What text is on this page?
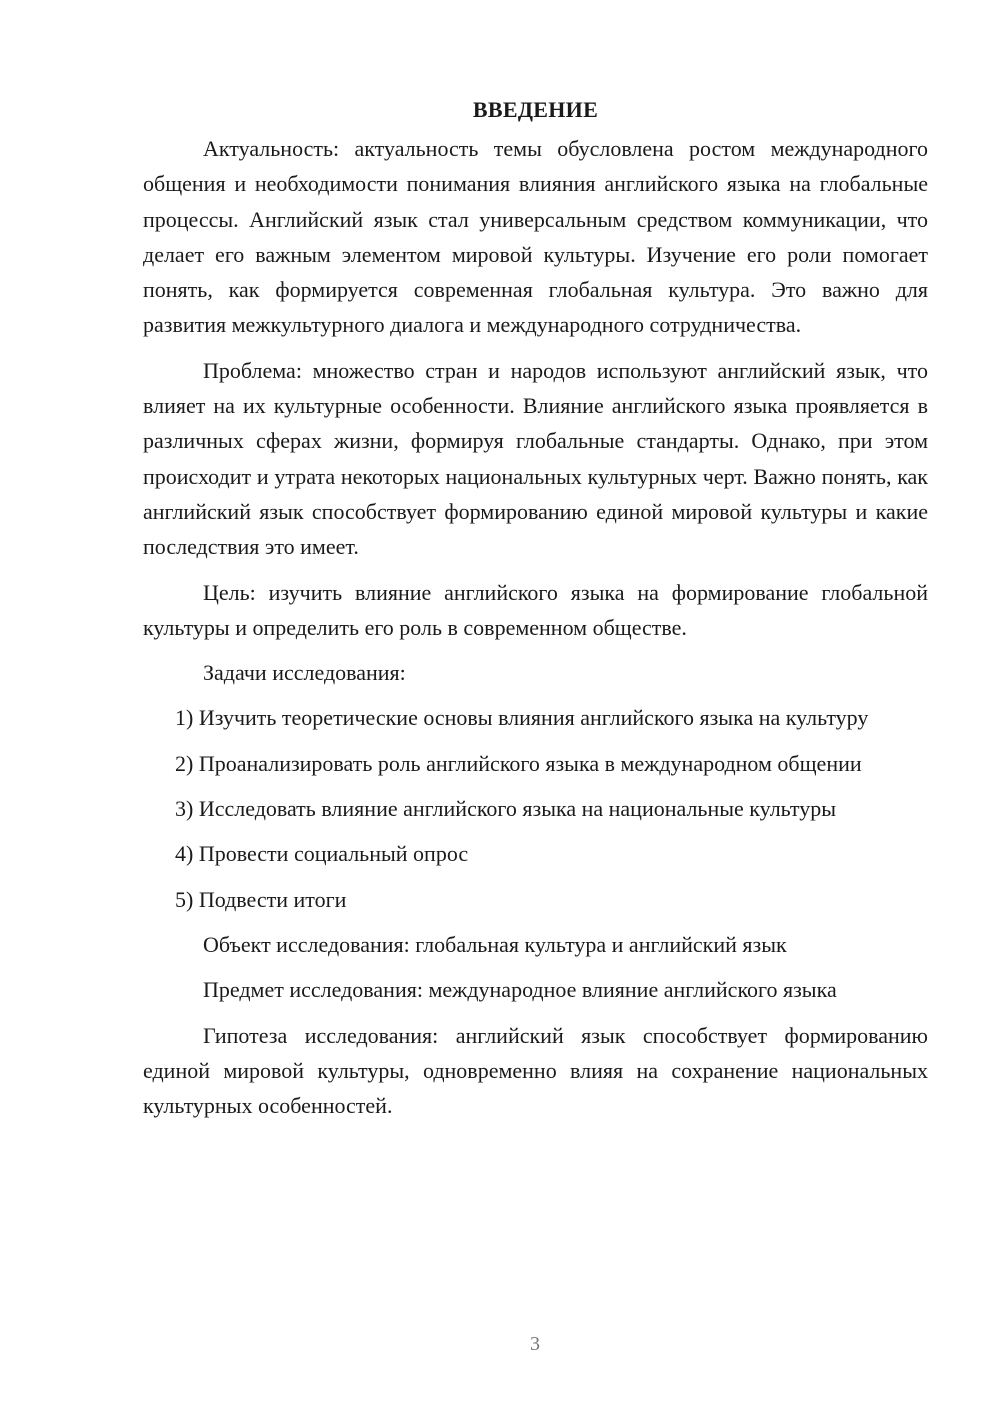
ВВЕДЕНИЕ

Актуальность: актуальность темы обусловлена ростом международного общения и необходимости понимания влияния английского языка на глобальные процессы. Английский язык стал универсальным средством коммуникации, что делает его важным элементом мировой культуры. Изучение его роли помогает понять, как формируется современная глобальная культура. Это важно для развития межкультурного диалога и международного сотрудничества.

Проблема: множество стран и народов используют английский язык, что влияет на их культурные особенности. Влияние английского языка проявляется в различных сферах жизни, формируя глобальные стандарты. Однако, при этом происходит и утрата некоторых национальных культурных черт. Важно понять, как английский язык способствует формированию единой мировой культуры и какие последствия это имеет.

Цель: изучить влияние английского языка на формирование глобальной культуры и определить его роль в современном обществе.

Задачи исследования:

1) Изучить теоретические основы влияния английского языка на культуру

2) Проанализировать роль английского языка в международном общении

3) Исследовать влияние английского языка на национальные культуры

4) Провести социальный опрос

5) Подвести итоги

Объект исследования: глобальная культура и английский язык

Предмет исследования: международное влияние английского языка

Гипотеза исследования: английский язык способствует формированию единой мировой культуры, одновременно влияя на сохранение национальных культурных особенностей.

3
